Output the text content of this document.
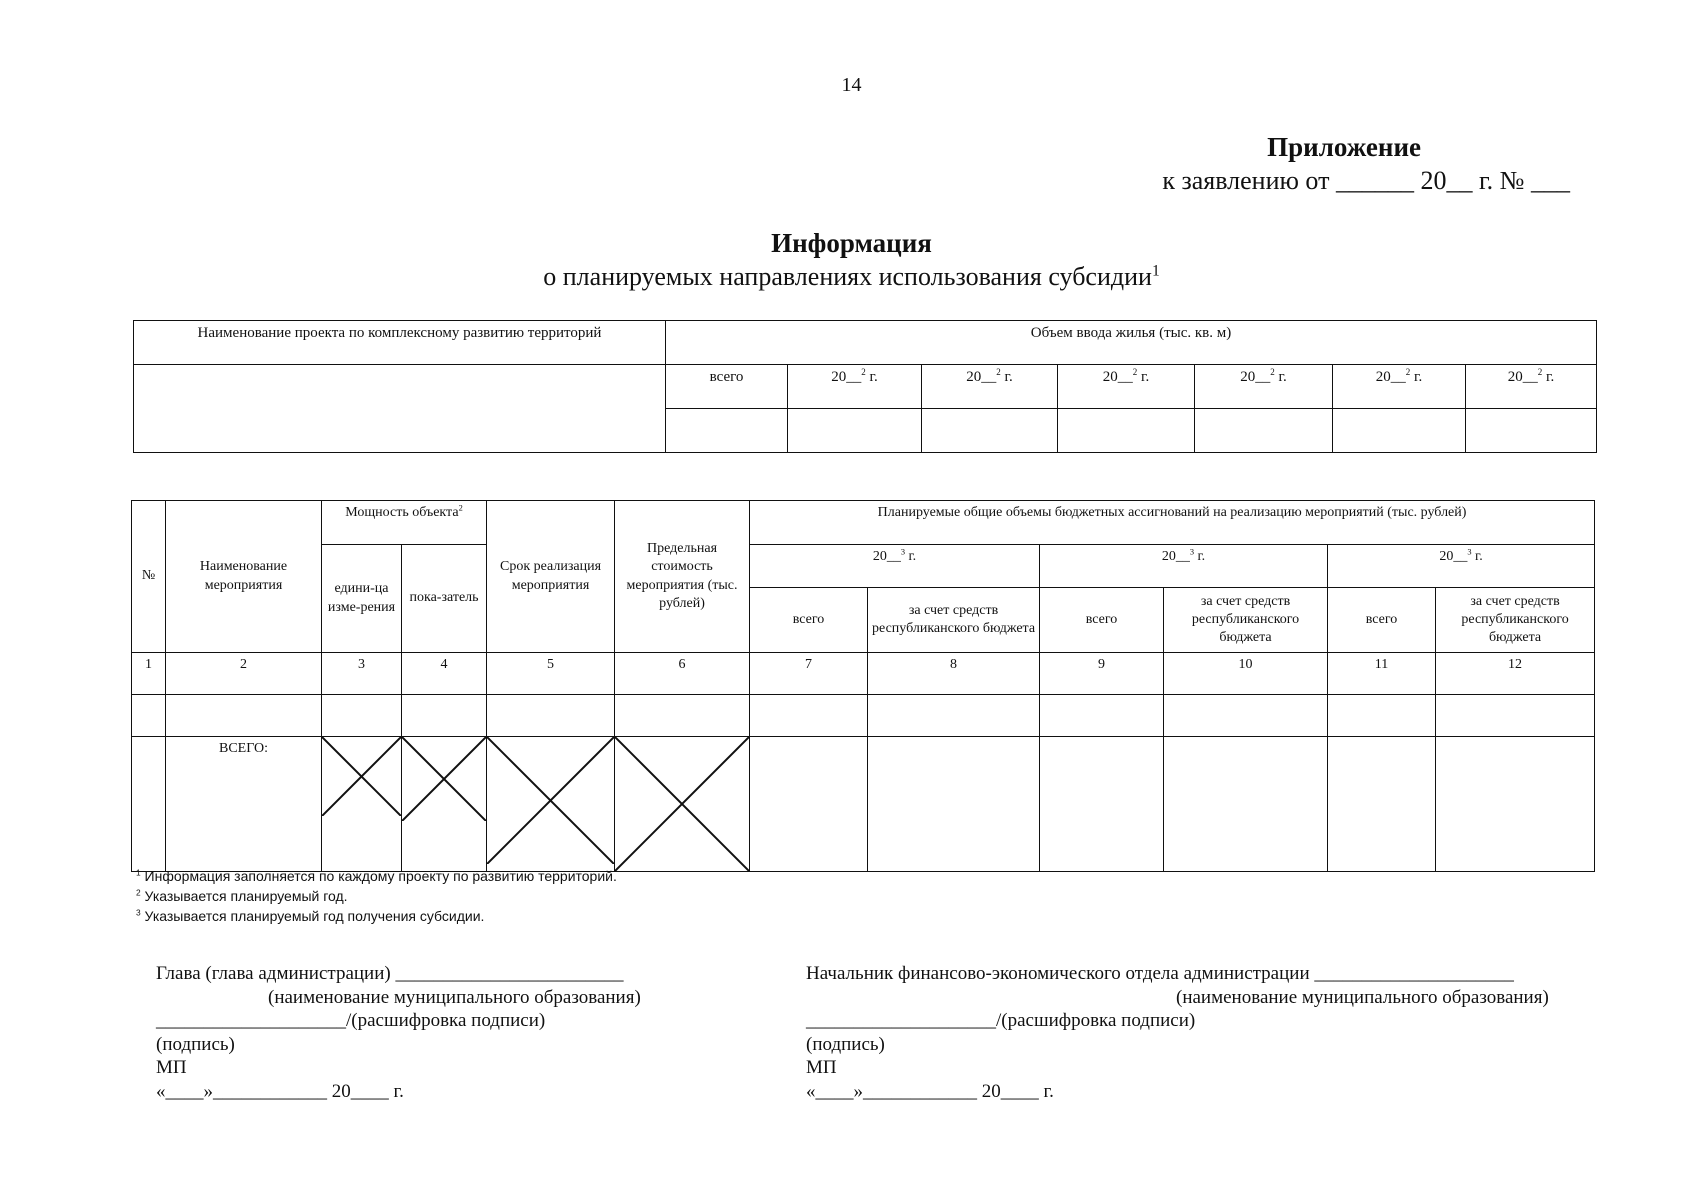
14
Приложение
к заявлению от ______ 20__ г. № ___
Информация
о планируемых направлениях использования субсидии$^1$
Наименование проекта по комплексному развитию территорий	Объем ввода жилья (тыс. кв. м)						
	всего	20__$^2$ г.	20__$^2$ г.	20__$^2$ г.	20__$^2$ г.	20__$^2$ г.	20__$^2$ г.

№	Наименование мероприятия	Мощность объекта$^2$		Срок реализация мероприятия	Предельная стоимость мероприятия (тыс. рублей)	Планируемые общие объемы бюджетных ассигнований на реализацию мероприятий (тыс. рублей)					
		едини-ца изме-рения	пока-затель			20__$^3$ г.		20__$^3$ г.		20__$^3$ г.	
						всего	за счет средств республиканского бюджета	всего	за счет средств республиканского бюджета	всего	за счет средств республиканского бюджета
1	2	3	4	5	6	7	8	9	10	11	12

	ВСЕГО:	

$^1$ Информация заполняется по каждому проекту по развитию территорий.
$^2$ Указывается планируемый год.
$^3$ Указывается планируемый год получения субсидии.
Глава (глава администрации) ________________________
(наименование муниципального образования)
____________________/(расшифровка подписи)
(подпись)
МП
«____»____________ 20____ г.
Начальник финансово-экономического отдела администрации _____________________
(наименование муниципального образования)
____________________/(расшифровка подписи)
(подпись)
МП
«____»____________ 20____ г.
